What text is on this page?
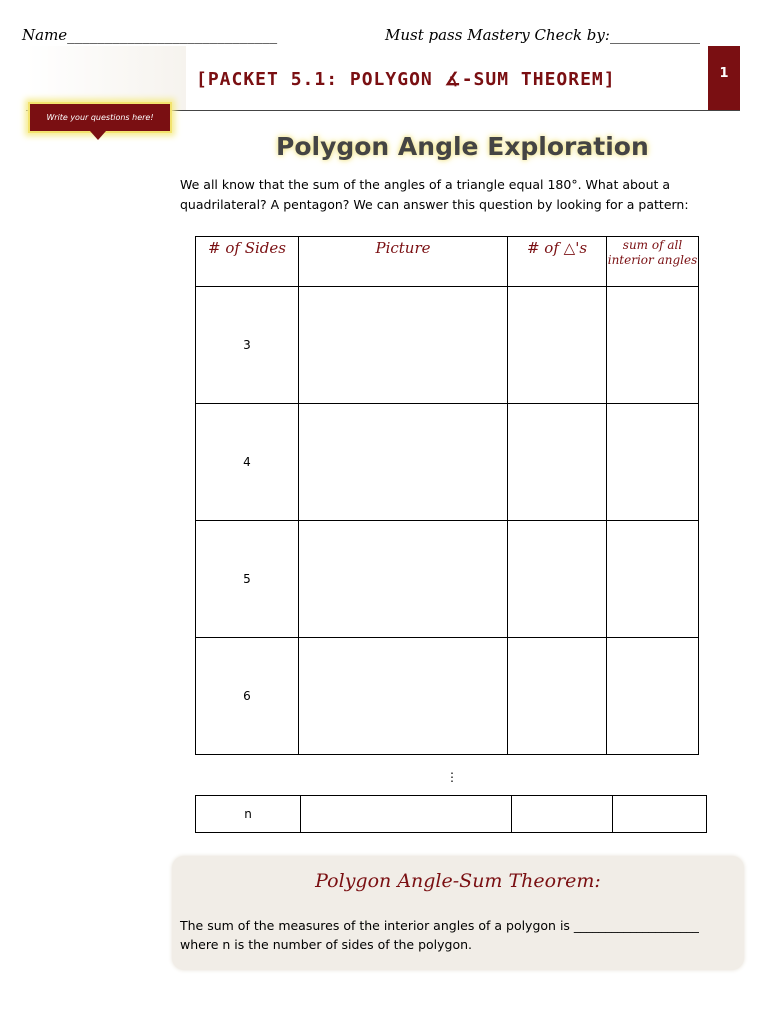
Name____________________________	Must pass Mastery Check by:____________
[PACKET 5.1: POLYGON ∡-SUM THEOREM]	1
Write your questions here!
Polygon Angle Exploration
We all know that the sum of the angles of a triangle equal 180°. What about a quadrilateral? A pentagon? We can answer this question by looking for a pattern:
# of Sides	Picture	# of △'s	sum of all interior angles
3			
4			
5			
6			
⋮
n			
Polygon Angle-Sum Theorem:
The sum of the measures of the interior angles of a polygon is ____________________ where n is the number of sides of the polygon.
